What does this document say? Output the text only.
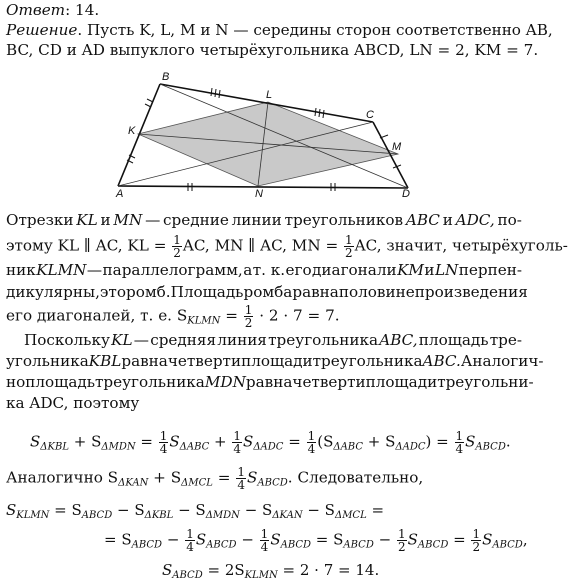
Ответ: 14.
Решение. Пусть K, L, M и N — середины сторон соответственно AB,
BC, CD и AD выпуклого четырёхугольника ABCD, LN = 2, KM = 7.
B
L
C
K
M
A	N	D
Отрезки KL и MN — средние линии треугольников ABC и ADC, по-
этому KL ∥ AC, KL = $\frac{1}{2}$ AC, MN ∥ AC, MN = $\frac{1}{2}$ AC, значит, четырёхуголь-
ник KLMN — параллелограмм, а т. к. его диагонали KM и LN перпен-
дикулярны, это ромб. Площадь ромба равна половине произведения
его диагоналей, т. е. $S_{KLMN} = \frac{1}{2} \cdot 2 \cdot 7 = 7$.
Поскольку KL — средняя линия треугольника ABC, площадь тре-
угольника KBL равна четверти площади треугольника ABC. Аналогич-
но площадь треугольника MDN равна четверти площади треугольни-
ка ADC, поэтому
$S_{\Delta KBL} + S_{\Delta MDN} = \frac{1}{4} S_{\Delta ABC} + \frac{1}{4} S_{\Delta ADC} = \frac{1}{4} (S_{\Delta ABC} + S_{\Delta ADC}) = \frac{1}{4} S_{ABCD}$.
Аналогично $S_{\Delta KAN} + S_{\Delta MCL} = \frac{1}{4} S_{ABCD}$. Следовательно,
$S_{KLMN} = S_{ABCD} - S_{\Delta KBL} - S_{\Delta MDN} - S_{\Delta KAN} - S_{\Delta MCL}$ =
= $S_{ABCD} - \frac{1}{4} S_{ABCD} - \frac{1}{4} S_{ABCD} = S_{ABCD} - \frac{1}{2} S_{ABCD} = \frac{1}{2} S_{ABCD}$,
$S_{ABCD} = 2S_{KLMN} = 2 \cdot 7 = 14$.
